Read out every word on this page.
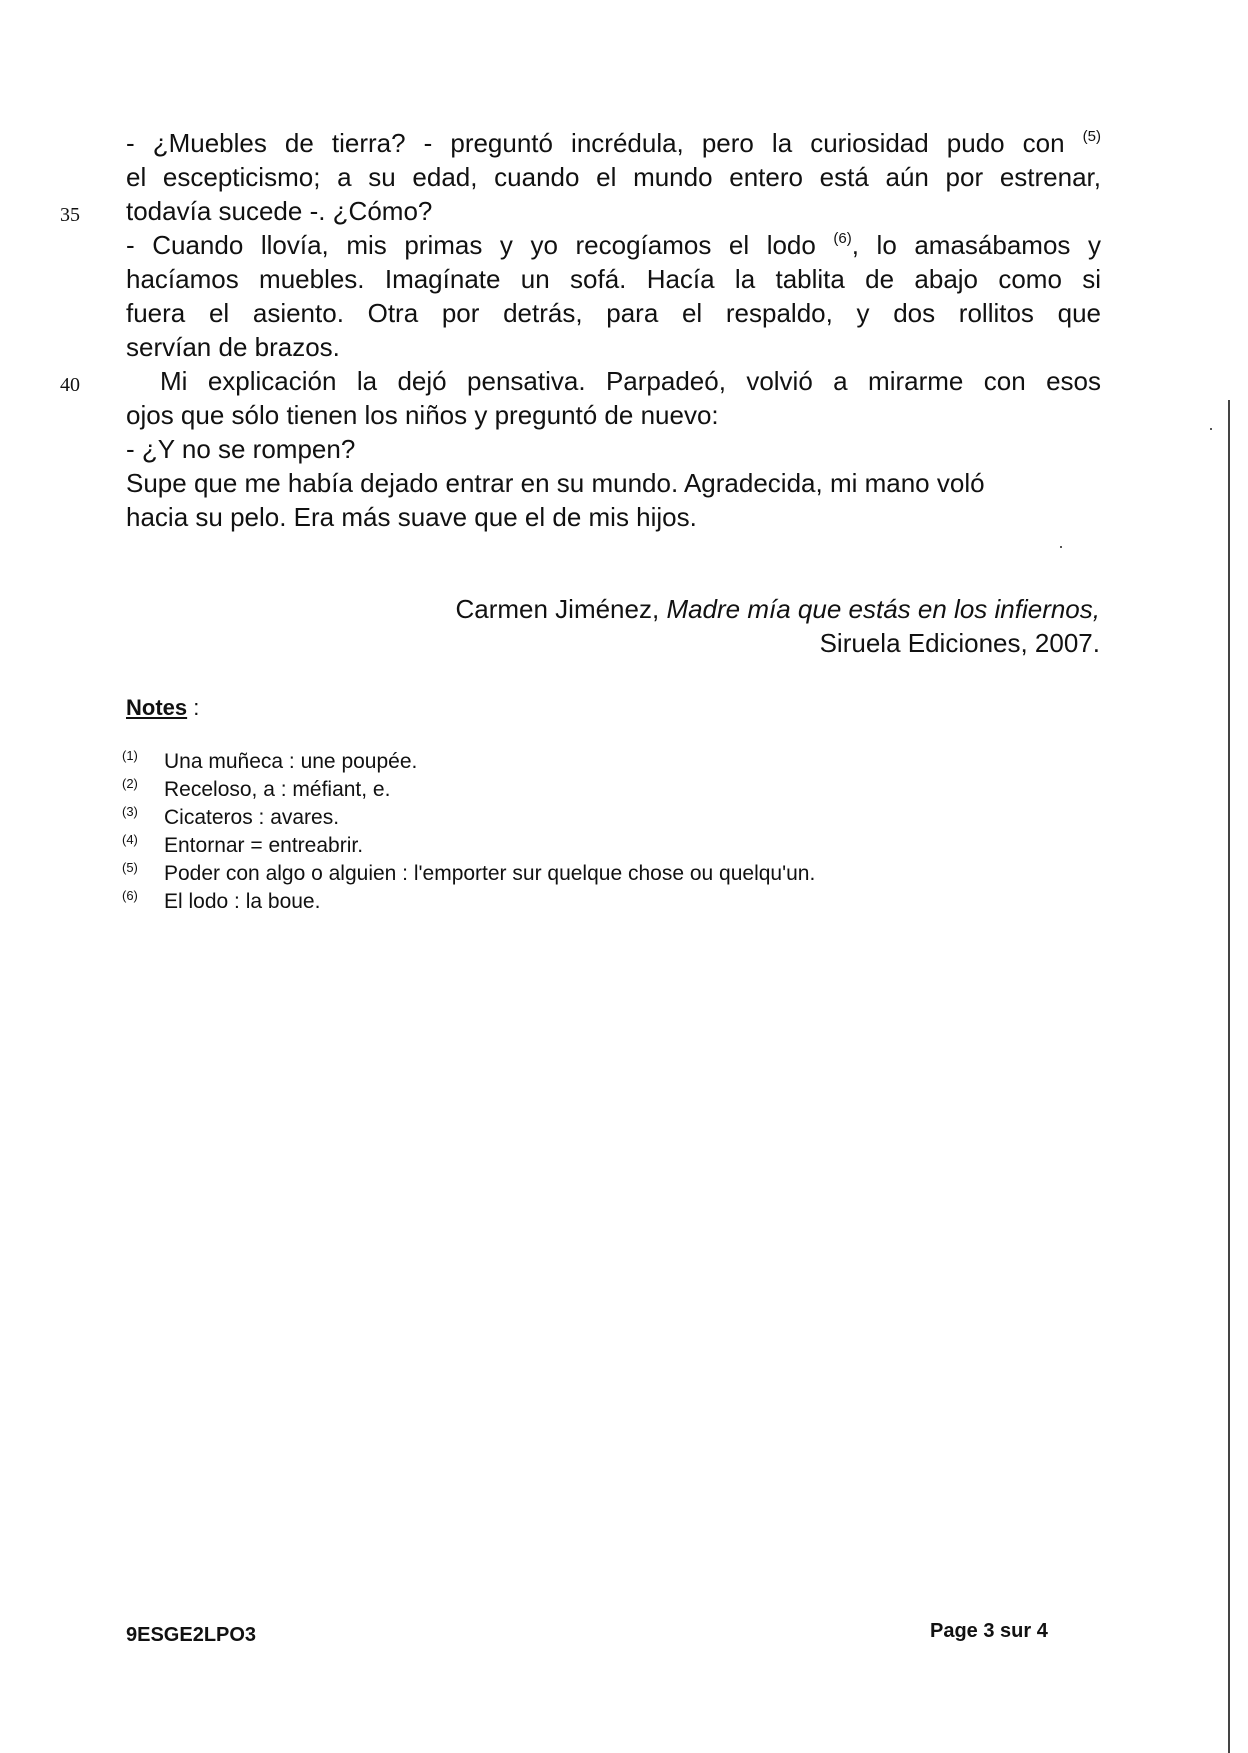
- ¿Muebles de tierra? - preguntó incrédula, pero la curiosidad pudo con $^{(5)}$
el escepticismo; a su edad, cuando el mundo entero está aún por estrenar,
todavía sucede -. ¿Cómo?
- Cuando llovía, mis primas y yo recogíamos el lodo $^{(6)}$, lo amasábamos y
hacíamos muebles. Imagínate un sofá. Hacía la tablita de abajo como si
fuera el asiento. Otra por detrás, para el respaldo, y dos rollitos que
servían de brazos.
Mi explicación la dejó pensativa. Parpadeó, volvió a mirarme con esos
ojos que sólo tienen los niños y preguntó de nuevo:
- ¿Y no se rompen?
Supe que me había dejado entrar en su mundo. Agradecida, mi mano voló
hacia su pelo. Era más suave que el de mis hijos.
35
40
Carmen Jiménez, Madre mía que estás en los infiernos,
Siruela Ediciones, 2007.
Notes :
(1) Una muñeca : une poupée.
(2) Receloso, a : méfiant, e.
(3) Cicateros : avares.
(4) Entornar = entreabrir.
(5) Poder con algo o alguien : l'emporter sur quelque chose ou quelqu'un.
(6) El lodo : la boue.
9ESGE2LPO3	Page 3 sur 4
